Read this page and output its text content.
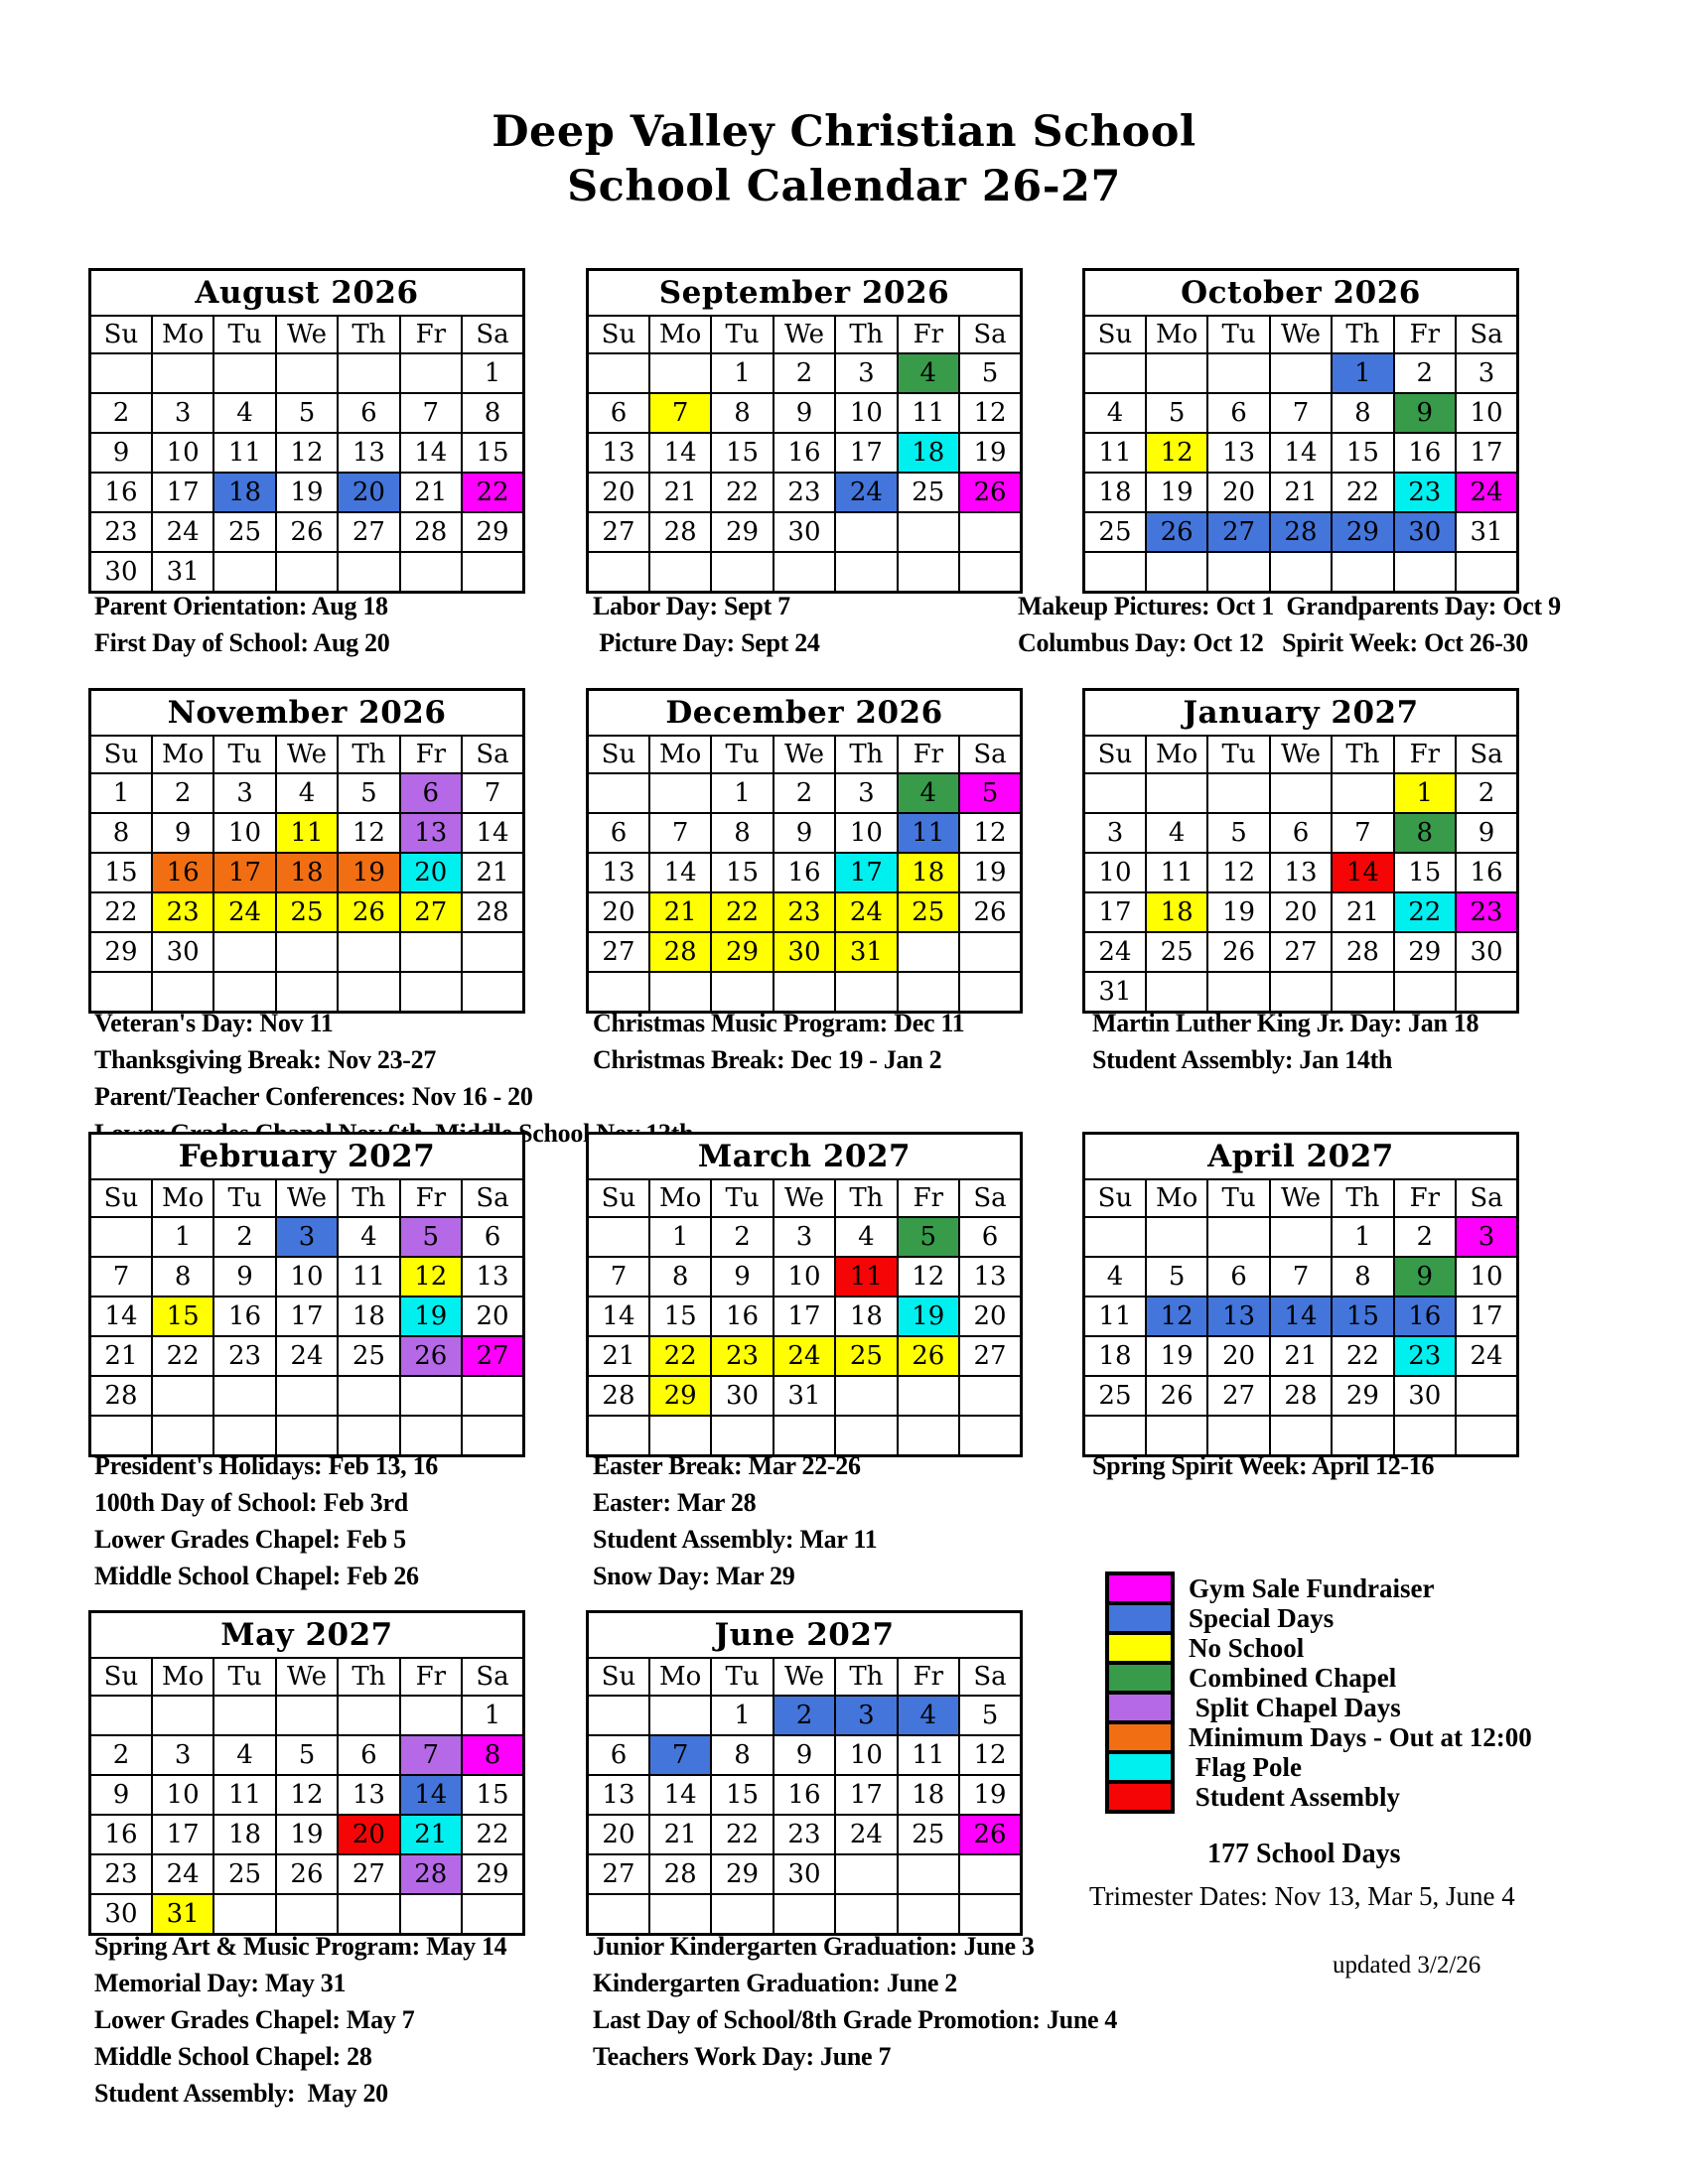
Deep Valley Christian School
School Calendar 26-27
August 2026						
Su	Mo	Tu	We	Th	Fr	Sa
						1
2	3	4	5	6	7	8
9	10	11	12	13	14	15
16	17	18	19	20	21	22
23	24	25	26	27	28	29
30	31					
Parent Orientation: Aug 18
First Day of School: Aug 20
September 2026						
Su	Mo	Tu	We	Th	Fr	Sa
		1	2	3	4	5
6	7	8	9	10	11	12
13	14	15	16	17	18	19
20	21	22	23	24	25	26
27	28	29	30			

Labor Day: Sept 7
Picture Day: Sept 24
October 2026						
Su	Mo	Tu	We	Th	Fr	Sa
				1	2	3
4	5	6	7	8	9	10
11	12	13	14	15	16	17
18	19	20	21	22	23	24
25	26	27	28	29	30	31

Makeup Pictures: Oct 1  Grandparents Day: Oct 9
Columbus Day: Oct 12   Spirit Week: Oct 26-30
November 2026						
Su	Mo	Tu	We	Th	Fr	Sa
1	2	3	4	5	6	7
8	9	10	11	12	13	14
15	16	17	18	19	20	21
22	23	24	25	26	27	28
29	30					

Veteran's Day: Nov 11
Thanksgiving Break: Nov 23-27
Parent/Teacher Conferences: Nov 16 - 20
School
December 2026						
Su	Mo	Tu	We	Th	Fr	Sa
		1	2	3	4	5
6	7	8	9	10	11	12
13	14	15	16	17	18	19
20	21	22	23	24	25	26
27	28	29	30	31		

Christmas Music Program: Dec 11
Christmas Break: Dec 19 - Jan 2
January 2027						
Su	Mo	Tu	We	Th	Fr	Sa
					1	2
3	4	5	6	7	8	9
10	11	12	13	14	15	16
17	18	19	20	21	22	23
24	25	26	27	28	29	30
31						
Martin Luther King Jr. Day: Jan 18
Student Assembly: Jan 14th
February 2027						
Su	Mo	Tu	We	Th	Fr	Sa
	1	2	3	4	5	6
7	8	9	10	11	12	13
14	15	16	17	18	19	20
21	22	23	24	25	26	27
28						

President's Holidays: Feb 13, 16
100th Day of School: Feb 3rd
Lower Grades Chapel: Feb 5
Middle School Chapel: Feb 26
March 2027						
Su	Mo	Tu	We	Th	Fr	Sa
	1	2	3	4	5	6
7	8	9	10	11	12	13
14	15	16	17	18	19	20
21	22	23	24	25	26	27
28	29	30	31			

Easter Break: Mar 22-26
Easter: Mar 28
Student Assembly: Mar 11
Snow Day: Mar 29
April 2027						
Su	Mo	Tu	We	Th	Fr	Sa
				1	2	3
4	5	6	7	8	9	10
11	12	13	14	15	16	17
18	19	20	21	22	23	24
25	26	27	28	29	30	

Spring Spirit Week: April 12-16
May 2027						
Su	Mo	Tu	We	Th	Fr	Sa
						1
2	3	4	5	6	7	8
9	10	11	12	13	14	15
16	17	18	19	20	21	22
23	24	25	26	27	28	29
30	31					
Spring Art & Music Program: May 14
Memorial Day: May 31
Lower Grades Chapel: May 7
Middle School Chapel: 28
Student Assembly:  May 20
June 2027						
Su	Mo	Tu	We	Th	Fr	Sa
		1	2	3	4	5
6	7	8	9	10	11	12
13	14	15	16	17	18	19
20	21	22	23	24	25	26
27	28	29	30			

Junior Kindergarten Graduation: June 3
Kindergarten Graduation: June 2
Last Day of School/8th Grade Promotion: June 4
Teachers Work Day: June 7
Gym Sale Fundraiser
Special Days
No School
Combined Chapel
Split Chapel Days
Minimum Days - Out at 12:00
Flag Pole
Student Assembly
177 School Days
Trimester Dates: Nov 13, Mar 5, June 4
updated 3/2/26
